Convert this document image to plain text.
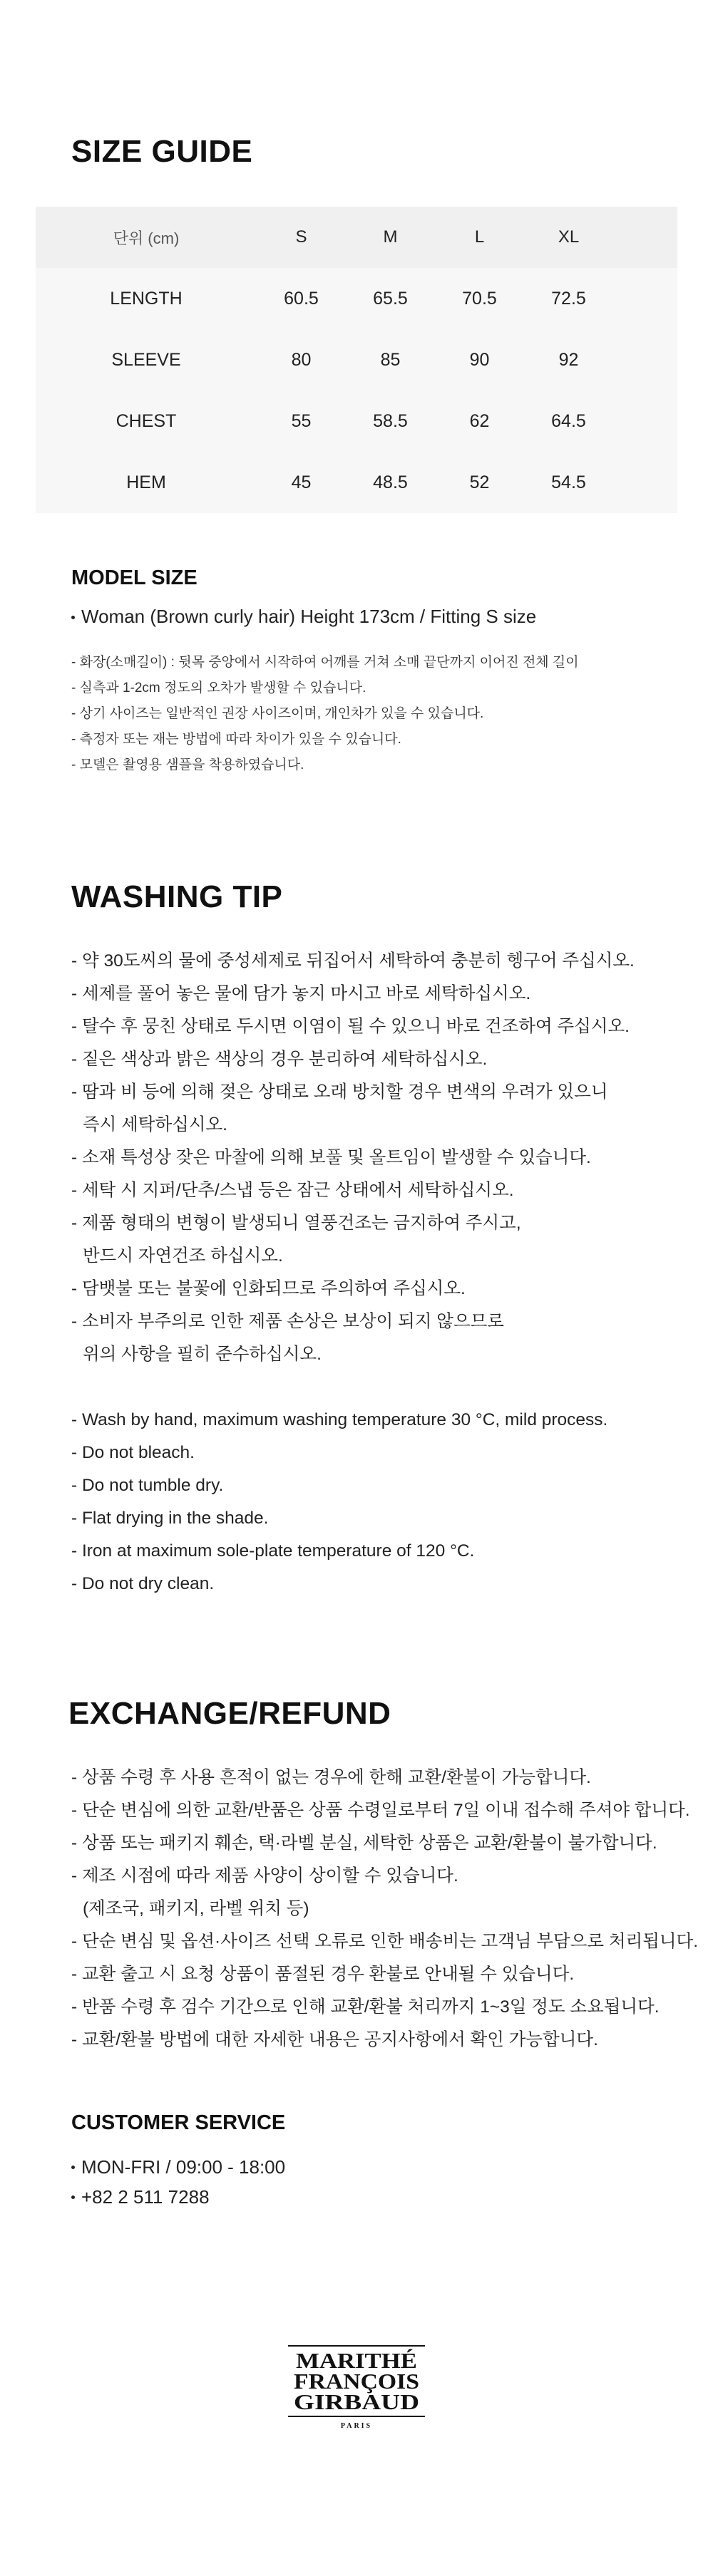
SIZE GUIDE
단위 (cm)	S	M	L	XL	
LENGTH	60.5	65.5	70.5	72.5	
SLEEVE	80	85	90	92	
CHEST	55	58.5	62	64.5	
HEM	45	48.5	52	54.5	
MODEL SIZE
Woman (Brown curly hair) Height 173cm / Fitting S size
- 화장(소매길이) : 뒷목 중앙에서 시작하여 어깨를 거쳐 소매 끝단까지 이어진 전체 길이
- 실측과 1-2cm 정도의 오차가 발생할 수 있습니다.
- 상기 사이즈는 일반적인 권장 사이즈이며, 개인차가 있을 수 있습니다.
- 측정자 또는 재는 방법에 따라 차이가 있을 수 있습니다.
- 모델은 촬영용 샘플을 착용하였습니다.
WASHING TIP
- 약 30도씨의 물에 중성세제로 뒤집어서 세탁하여 충분히 헹구어 주십시오.
- 세제를 풀어 놓은 물에 담가 놓지 마시고 바로 세탁하십시오.
- 탈수 후 뭉친 상태로 두시면 이염이 될 수 있으니 바로 건조하여 주십시오.
- 짙은 색상과 밝은 색상의 경우 분리하여 세탁하십시오.
- 땀과 비 등에 의해 젖은 상태로 오래 방치할 경우 변색의 우려가 있으니
즉시 세탁하십시오.
- 소재 특성상 잦은 마찰에 의해 보풀 및 올트임이 발생할 수 있습니다.
- 세탁 시 지퍼/단추/스냅 등은 잠근 상태에서 세탁하십시오.
- 제품 형태의 변형이 발생되니 열풍건조는 금지하여 주시고,
반드시 자연건조 하십시오.
- 담뱃불 또는 불꽃에 인화되므로 주의하여 주십시오.
- 소비자 부주의로 인한 제품 손상은 보상이 되지 않으므로
위의 사항을 필히 준수하십시오.
- Wash by hand, maximum washing temperature 30 °C, mild process.
- Do not bleach.
- Do not tumble dry.
- Flat drying in the shade.
- Iron at maximum sole-plate temperature of 120 °C.
- Do not dry clean.
EXCHANGE/REFUND
- 상품 수령 후 사용 흔적이 없는 경우에 한해 교환/환불이 가능합니다.
- 단순 변심에 의한 교환/반품은 상품 수령일로부터 7일 이내 접수해 주셔야 합니다.
- 상품 또는 패키지 훼손, 택·라벨 분실, 세탁한 상품은 교환/환불이 불가합니다.
- 제조 시점에 따라 제품 사양이 상이할 수 있습니다.
(제조국, 패키지, 라벨 위치 등)
- 단순 변심 및 옵션·사이즈 선택 오류로 인한 배송비는 고객님 부담으로 처리됩니다.
- 교환 출고 시 요청 상품이 품절된 경우 환불로 안내될 수 있습니다.
- 반품 수령 후 검수 기간으로 인해 교환/환불 처리까지 1~3일 정도 소요됩니다.
- 교환/환불 방법에 대한 자세한 내용은 공지사항에서 확인 가능합니다.
CUSTOMER SERVICE
MON-FRI / 09:00 - 18:00
+82 2 511 7288
MARITHÉ
FRANÇOIS
GIRBAUD
PARIS
